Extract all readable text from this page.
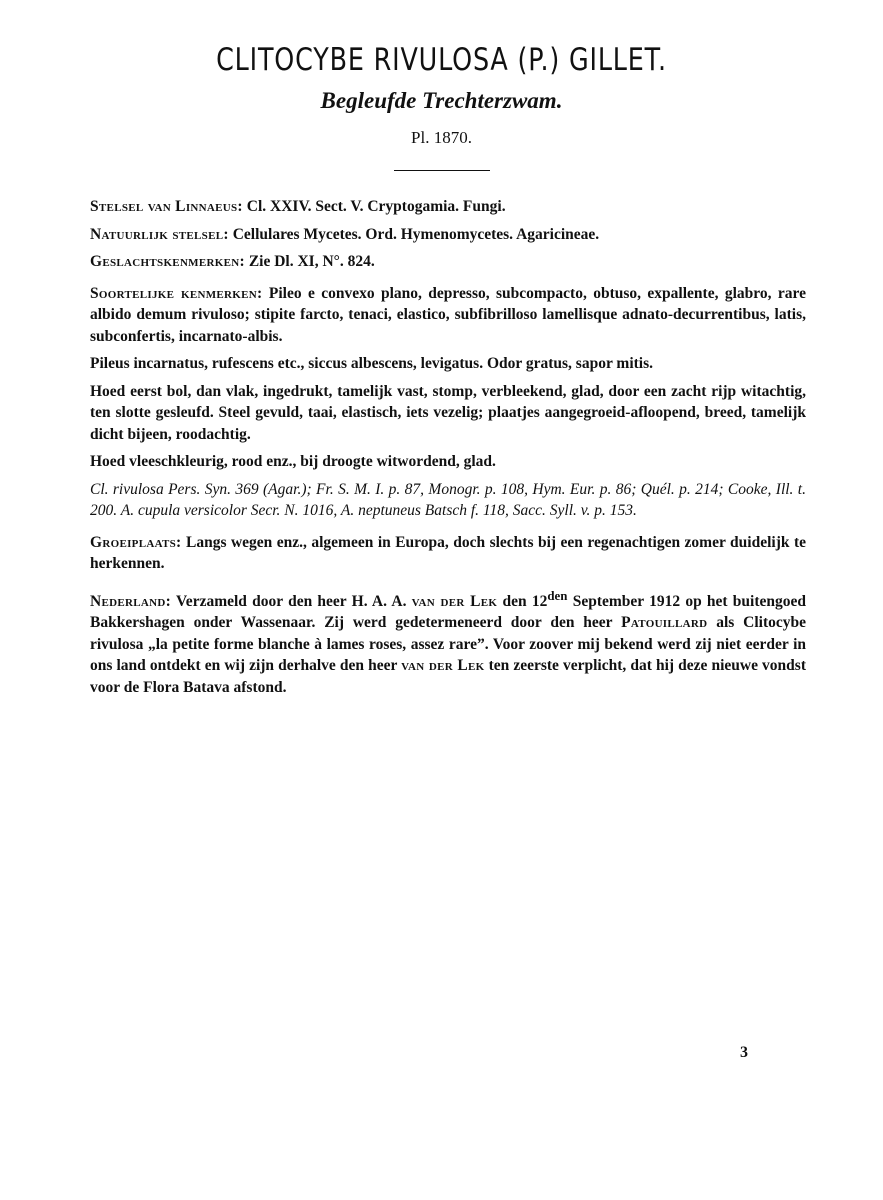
CLITOCYBE RIVULOSA (P.) GILLET.
Begleufde Trechterzwam.
Pl. 1870.

Stelsel van Linnaeus: Cl. XXIV. Sect. V. Cryptogamia. Fungi.

Natuurlijk stelsel: Cellulares Mycetes. Ord. Hymenomycetes. Agaricineae.

Geslachtskenmerken: Zie Dl. XI, N°. 824.

Soortelijke kenmerken: Pileo e convexo plano, depresso, subcompacto, obtuso, expallente, glabro, rare albido demum rivuloso; stipite farcto, tenaci, elastico, subfibrilloso lamellisque adnato-decurrentibus, latis, subconfertis, incarnato-albis.

Pileus incarnatus, rufescens etc., siccus albescens, levigatus. Odor gratus, sapor mitis.

Hoed eerst bol, dan vlak, ingedrukt, tamelijk vast, stomp, verbleekend, glad, door een zacht rijp witachtig, ten slotte gesleufd. Steel gevuld, taai, elastisch, iets vezelig; plaatjes aangegroeid-afloopend, breed, tamelijk dicht bijeen, roodachtig.

Hoed vleeschkleurig, rood enz., bij droogte witwordend, glad.

Cl. rivulosa Pers. Syn. 369 (Agar.); Fr. S. M. I. p. 87, Monogr. p. 108, Hym. Eur. p. 86; Quél. p. 214; Cooke, Ill. t. 200. A. cupula versicolor Secr. N. 1016, A. neptuneus Batsch f. 118, Sacc. Syll. v. p. 153.

Groeiplaats: Langs wegen enz., algemeen in Europa, doch slechts bij een regenachtigen zomer duidelijk te herkennen.

Nederland: Verzameld door den heer H. A. A. van der Lek den $12^{den}$ September 1912 op het buitengoed Bakkershagen onder Wassenaar. Zij werd gedetermeneerd door den heer Patouillard als Clitocybe rivulosa „la petite forme blanche à lames roses, assez rare”. Voor zoover mij bekend werd zij niet eerder in ons land ontdekt en wij zijn derhalve den heer van der Lek ten zeerste verplicht, dat hij deze nieuwe vondst voor de Flora Batava afstond.

3
